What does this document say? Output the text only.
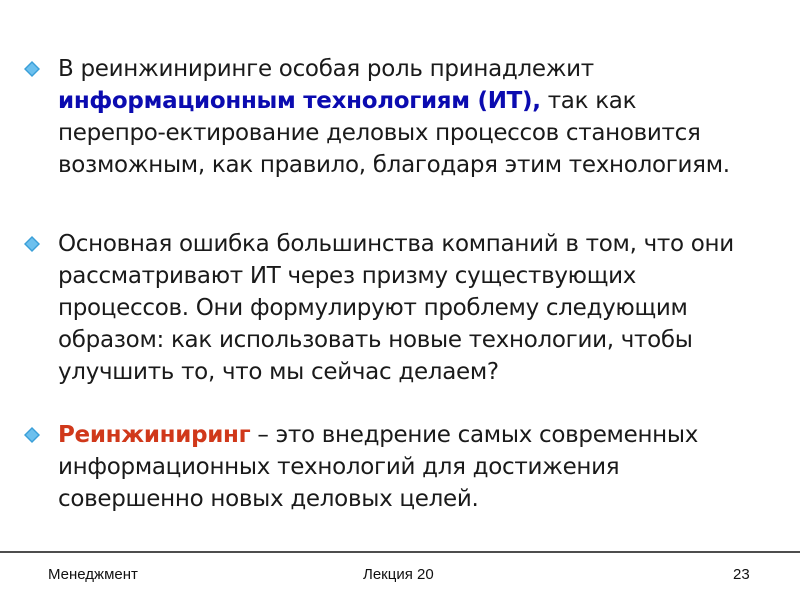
В реинжиниринге особая роль принадлежит
информационным технологиям (ИТ), так как
перепро-ектирование деловых процессов становится
возможным, как правило, благодаря этим технологиям.
Основная ошибка большинства компаний в том, что они
рассматривают ИТ через призму существующих
процессов. Они формулируют проблему следующим
образом: как использовать новые технологии, чтобы
улучшить то, что мы сейчас делаем?
Реинжиниринг – это внедрение самых современных
информационных технологий для достижения
совершенно новых деловых целей.
Менеджмент	Лекция 20	23
